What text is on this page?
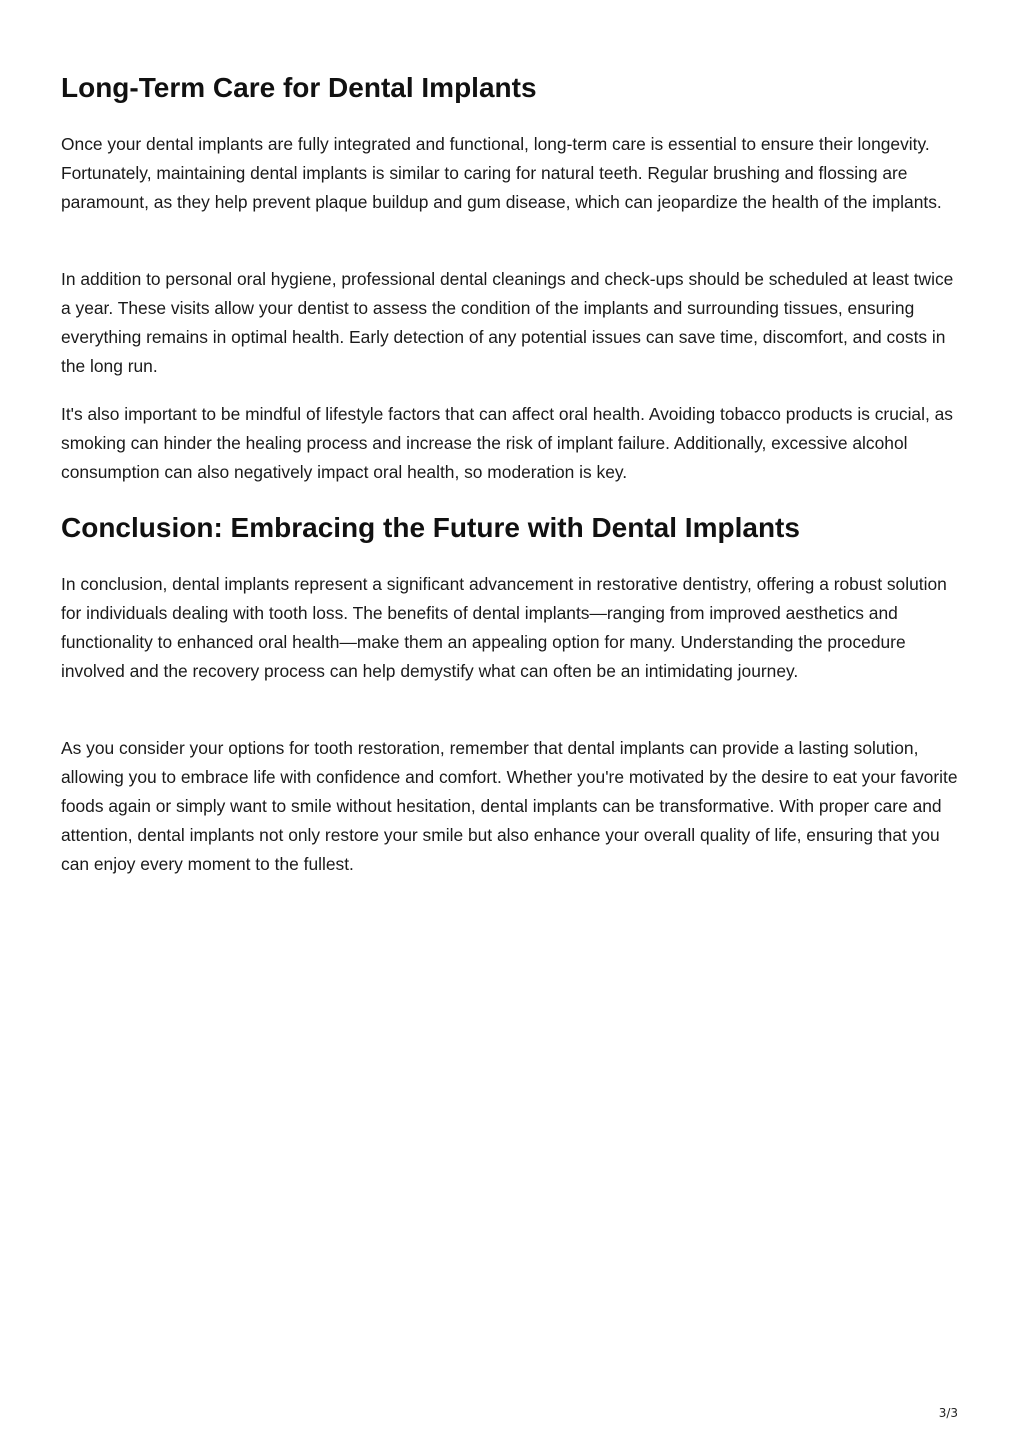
Long-Term Care for Dental Implants

Once your dental implants are fully integrated and functional, long-term care is essential to ensure their longevity. Fortunately, maintaining dental implants is similar to caring for natural teeth. Regular brushing and flossing are paramount, as they help prevent plaque buildup and gum disease, which can jeopardize the health of the implants.

In addition to personal oral hygiene, professional dental cleanings and check-ups should be scheduled at least twice a year. These visits allow your dentist to assess the condition of the implants and surrounding tissues, ensuring everything remains in optimal health. Early detection of any potential issues can save time, discomfort, and costs in the long run.

It's also important to be mindful of lifestyle factors that can affect oral health. Avoiding tobacco products is crucial, as smoking can hinder the healing process and increase the risk of implant failure. Additionally, excessive alcohol consumption can also negatively impact oral health, so moderation is key.

Conclusion: Embracing the Future with Dental Implants

In conclusion, dental implants represent a significant advancement in restorative dentistry, offering a robust solution for individuals dealing with tooth loss. The benefits of dental implants—ranging from improved aesthetics and functionality to enhanced oral health—make them an appealing option for many. Understanding the procedure involved and the recovery process can help demystify what can often be an intimidating journey.

As you consider your options for tooth restoration, remember that dental implants can provide a lasting solution, allowing you to embrace life with confidence and comfort. Whether you're motivated by the desire to eat your favorite foods again or simply want to smile without hesitation, dental implants can be transformative. With proper care and attention, dental implants not only restore your smile but also enhance your overall quality of life, ensuring that you can enjoy every moment to the fullest.

3/3
